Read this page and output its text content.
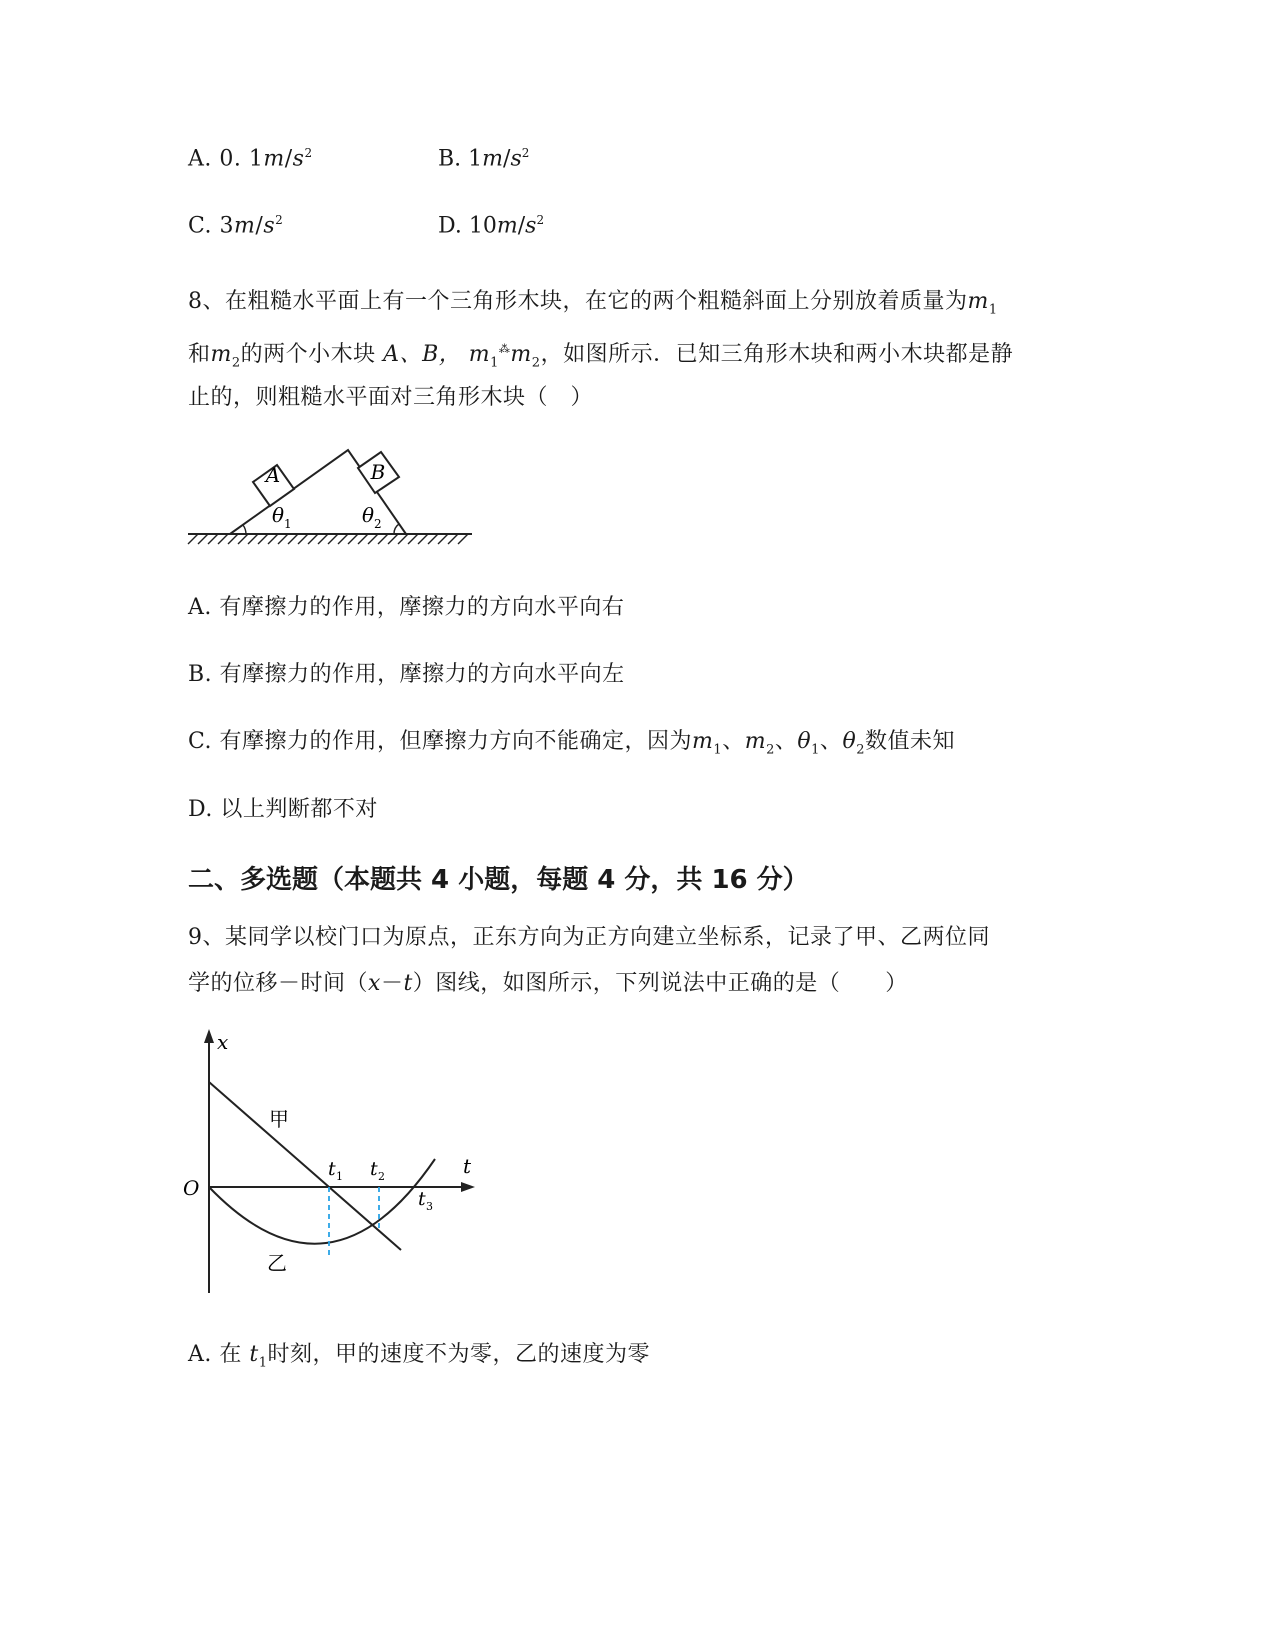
A. 0. $1m/s^2$	B. $1m/s^2$
C. $3m/s^2$	D. $10m/s^2$
8、在粗糙水平面上有一个三角形木块，在它的两个粗糙斜面上分别放着质量为$m_1$
和$m_2$的两个小木块 A、B， $m_1^⁂m_2$，如图所示．已知三角形木块和两小木块都是静
止的，则粗糙水平面对三角形木块（　）
A	B
θ 1	θ 2
A. 有摩擦力的作用，摩擦力的方向水平向右
B. 有摩擦力的作用，摩擦力的方向水平向左
C. 有摩擦力的作用，但摩擦力方向不能确定，因为$m_1$、$m_2$、$\theta_1$、$\theta_2$数值未知
D. 以上判断都不对
二、多选题（本题共 4 小题，每题 4 分，共 16 分）
9、某同学以校门口为原点，正东方向为正方向建立坐标系，记录了甲、乙两位同
学的位移－时间（x－t）图线，如图所示，下列说法中正确的是（　　）
x
t
O
甲
乙
t 1 t 2
t 3
A. 在 $t_1$时刻，甲的速度不为零，乙的速度为零
